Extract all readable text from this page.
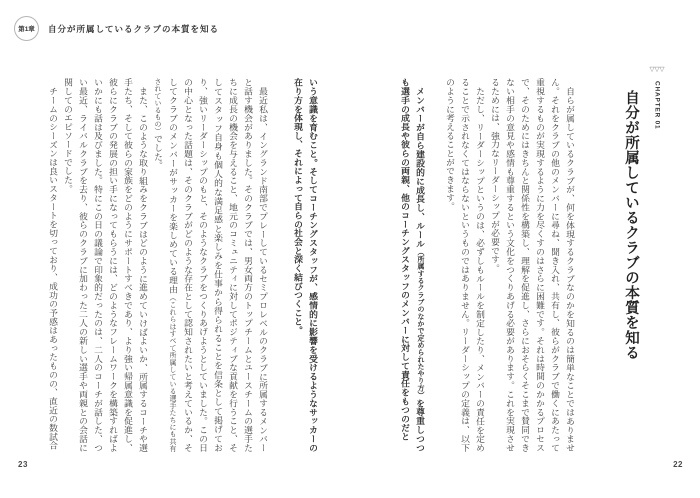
第1章 自分が所属しているクラブの本質を知る
▽▽▽
CHAPTER 01
自分が所属しているクラブの本質を知る

自らが属しているクラブが、何を体現するクラブなのかを知るのは簡単なことではありません。それをクラブの他のメンバーに尋ね、聞き入れ、共有し、彼らがクラブで働くにあたって重視するものが実現するように力を尽くすのはさらに困難です。それは時間のかかるプロセスで、そのためにはきちんと関係性を構築し、理解を促進し、さらにおそらくそこまで賛同できない相手の意見や感情も尊重するという文化をつくりあげる必要があります。これを実現させるためには、強力なリーダーシップが必要です。

ただし、リーダーシップというのは、必ずしもルールを制定したり、メンバーの責任を定めることで示されなくてはならないというものではありません。リーダーシップの定義は、以下のように考えることができます。

メンバーが自ら建設的に成長し、ルール（所属するクラブのなかで定められたやり方）を尊重しつつも選手の成長や彼らの両親、他のコーチングスタッフのメンバーに対して責任をもつのだと

いう意識を育むこと。そしてコーチングスタッフが、感情的に影響を受けるようなサッカーの在り方を体現し、それによって自らの社会と深く結びつくこと。

最近私は、イングランド南部でプレーしているセミプロレベルのクラブに所属するメンバーと話す機会がありました。そのクラブでは、男女両方のトップチームとユースチームの選手たちに成長の機会を与えること、地元のコミュニティに対してポジティブな貢献を行うこと、そしてスタッフ自身も個人的な満足感と楽しみを仕事から得られることを信条として掲げており、強いリーダーシップのもと、そのようなクラブをつくりあげようとしていました。この日の中心となった話題は、そのクラブがどのような存在として認知されたいと考えているか、そしてクラブのメンバーがサッカーを楽しめている理由（これらはすべて所属している選手たちにも共有されているもの）でした。

また、このような取り組みをクラブはどのように進めていけばよいか、所属するコーチや選手たち、そして彼らの家族をどのようにサポートすべきであり、より強い帰属意識を促進し、彼らにクラブの発展の担い手になってもらうには、どのようなフレームワークを構築すればよいかにも話は及びました。特にこの日の議論で印象的だったのは、二人のコーチが話した、つい最近、ライバルクラブを去り、彼らのクラブに加わった二人の新しい選手や両親との会話に関してのエピソードでした。

チームのシーズンは良いスタートを切っており、成功の予感はあったものの、直近の数試合

23	22
